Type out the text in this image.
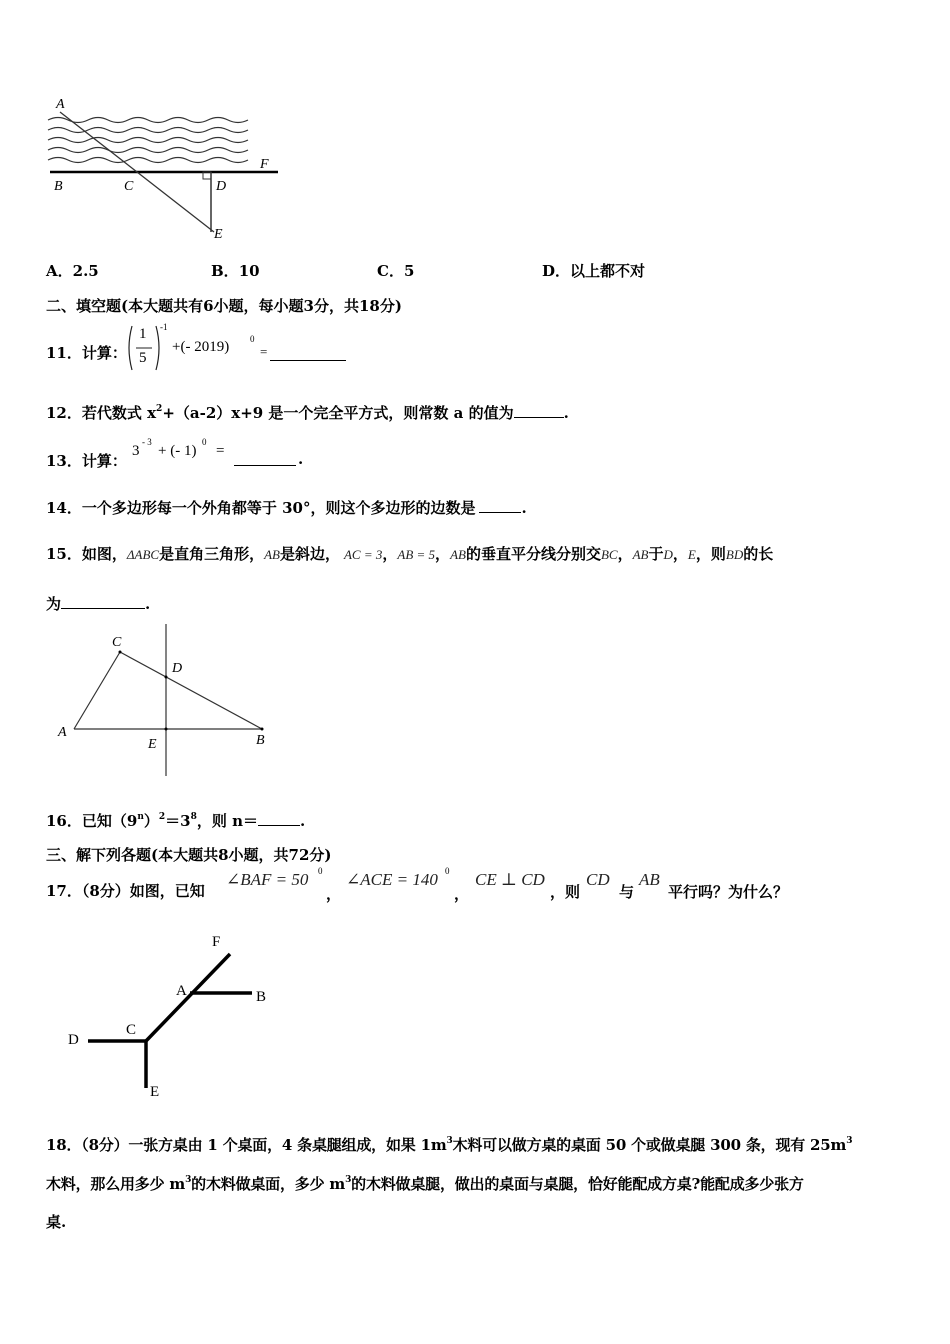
A
B	C	D
E
F
A．2.5	B．10	C．5	D．以上都不对
二、填空题(本大题共有6小题，每小题3分，共18分)
11．计算：
1
5
-1
+(- 2019) 0
=
12．若代数式 $x^2+(a-2)x+9$ 是一个完全平方式，则常数 a 的值为	.
13．计算：
3
- 3
+ (- 1)
0
=	.
14．一个多边形每一个外角都等于 30°，则这个多边形的边数是	.
15．如图，ΔABC是直角三角形，AB是斜边， AC = 3，AB = 5，AB的垂直平分线分别交BC，AB于D，E，则BD的长
为	.
C
D
A
E	B
16．已知$(9^n)^2=3^8$，则 n＝	.
三、解下列各题(本大题共8小题，共72分)
17．（8分）如图，已知
∠BAF = 50 0
，
∠ACE = 140 0
，
CE ⊥ CD
，则
CD
与
AB
平行吗？为什么？
F
A	B
C
D
E
18．（8分）一张方桌由 1 个桌面，4 条桌腿组成，如果 $1m^3$木料可以做方桌的桌面 50 个或做桌腿 300 条，现有 $25m^3$
木料，那么用多少 $m^3$的木料做桌面，多少 $m^3$的木料做桌腿，做出的桌面与桌腿，恰好能配成方桌?能配成多少张方
桌.
